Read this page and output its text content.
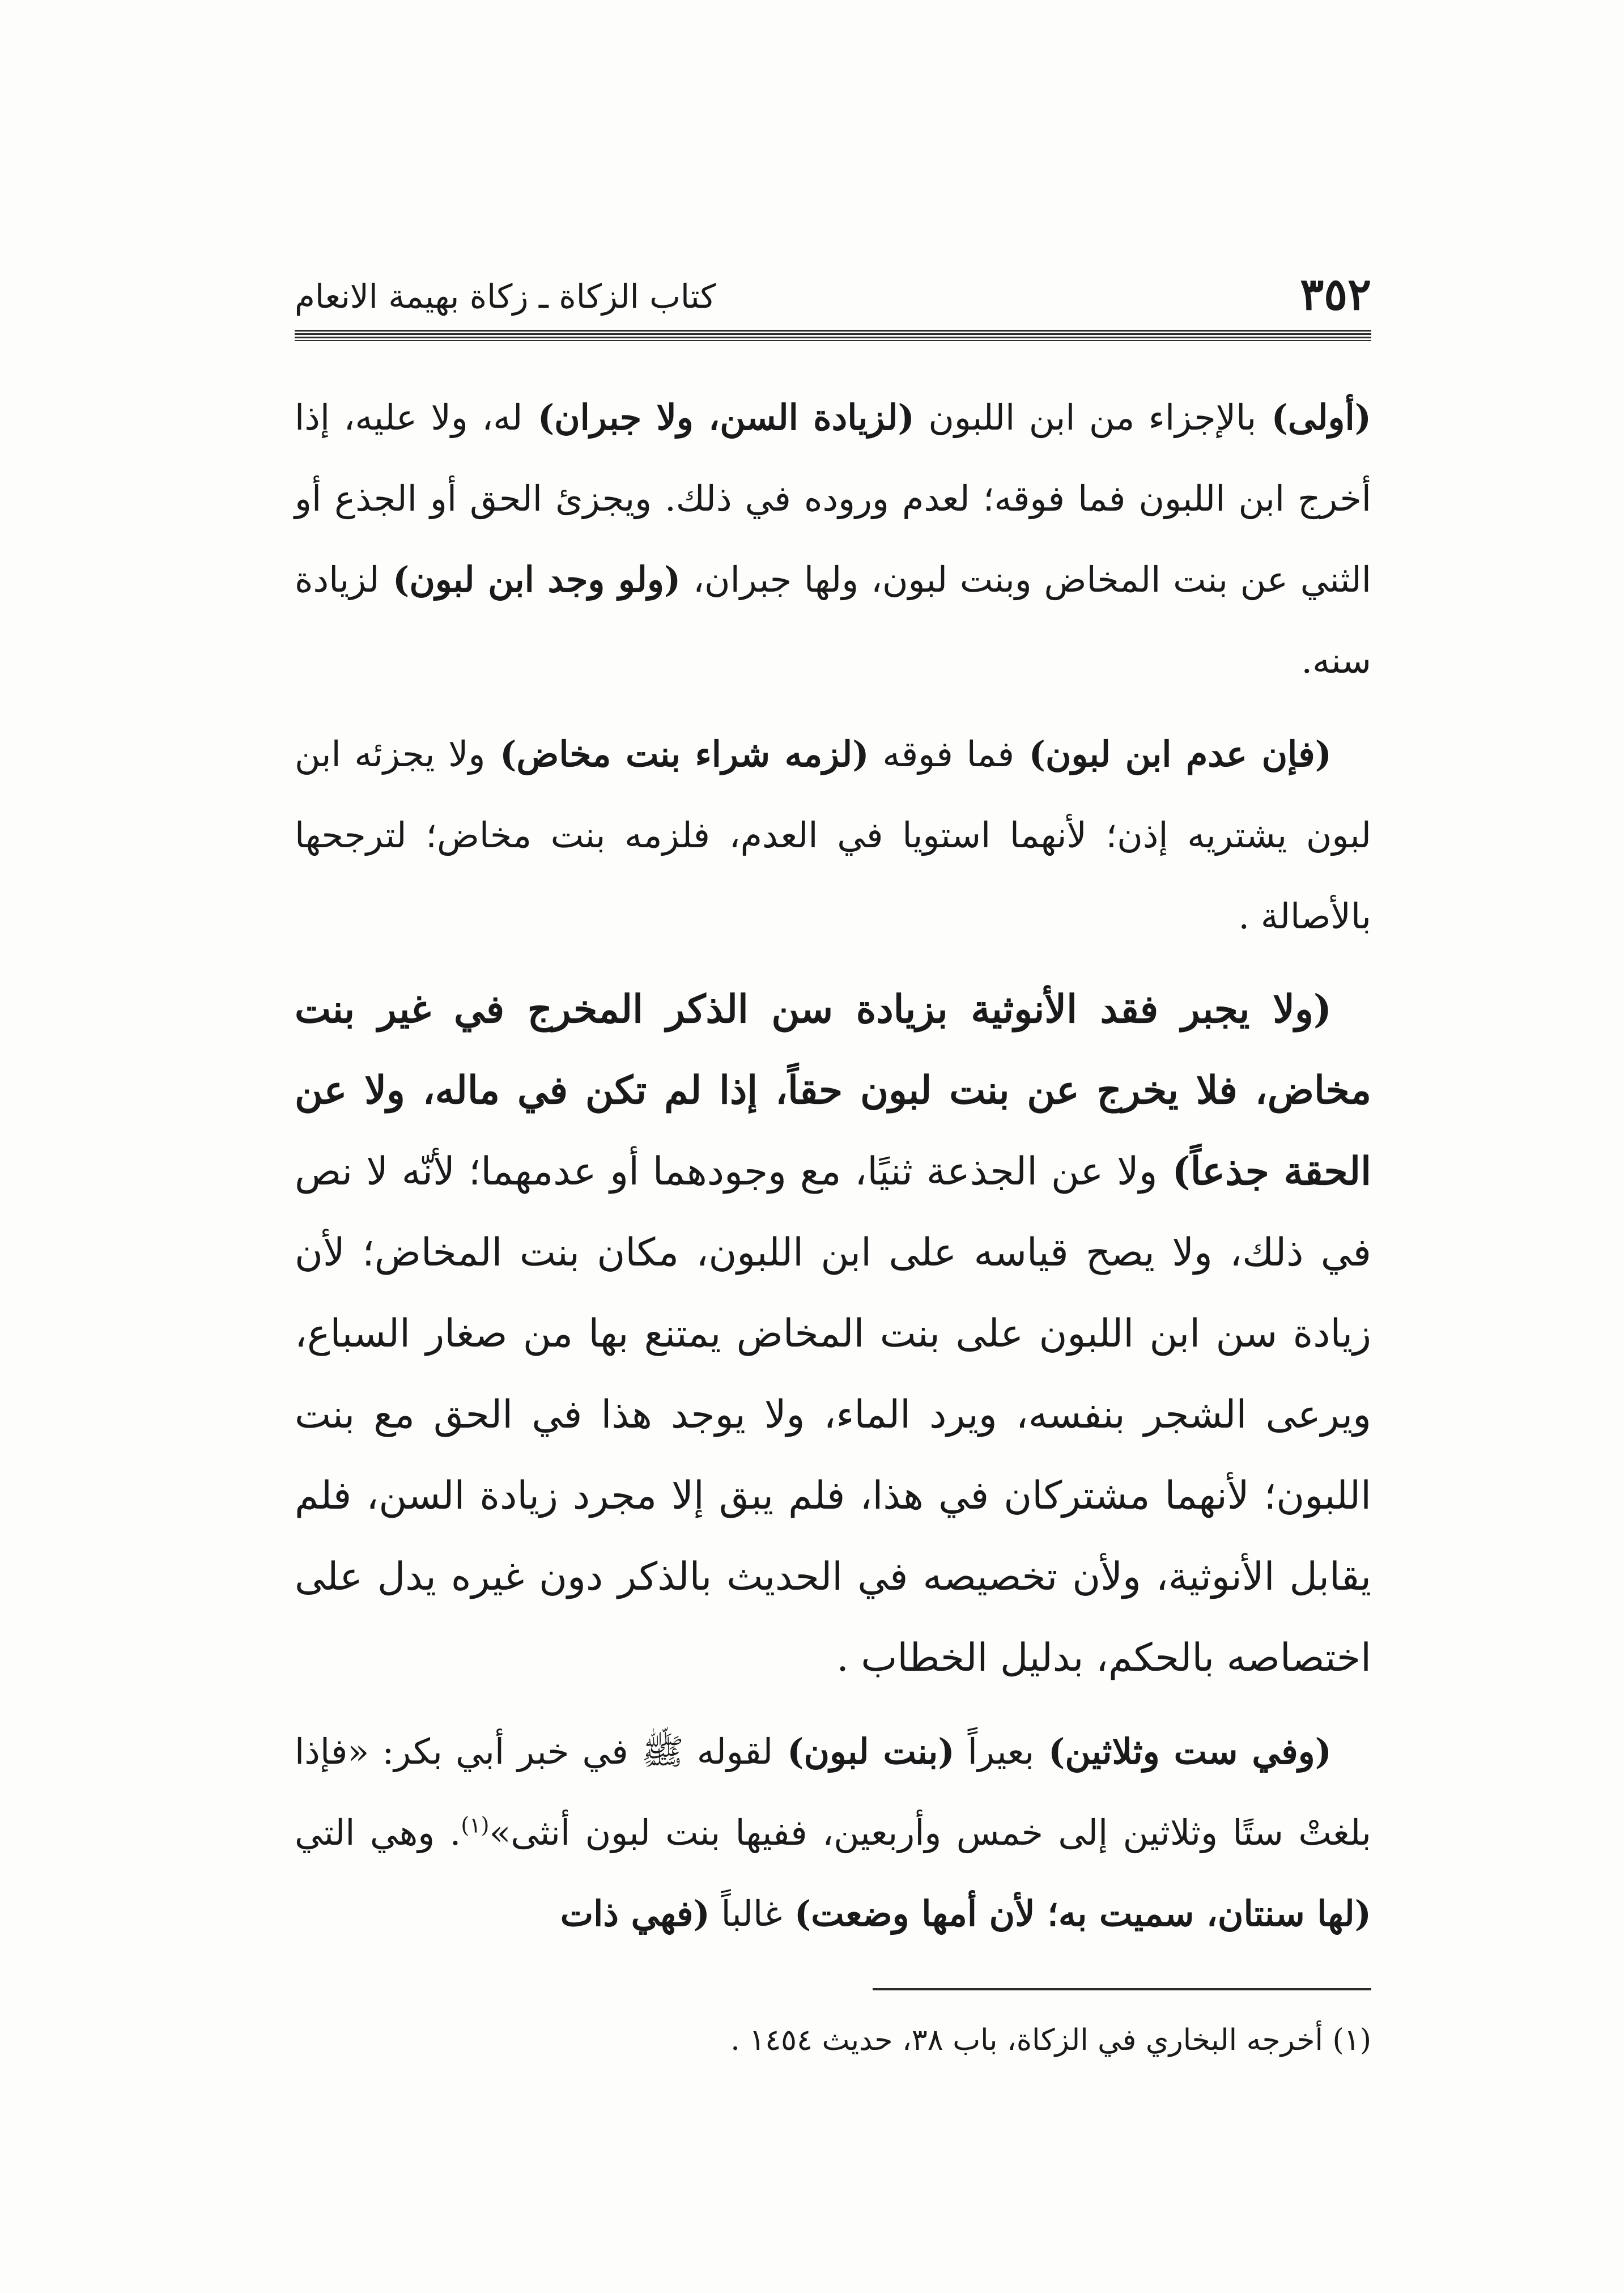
٣٥٢
كتاب الزكاة ـ زكاة بهيمة الانعام

(أولى) بالإجزاء من ابن اللبون (لزيادة السن، ولا جبران) له، ولا عليه، إذا أخرج ابن اللبون فما فوقه؛ لعدم وروده في ذلك. ويجزئ الحق أو الجذع أو الثني عن بنت المخاض وبنت لبون، ولها جبران، (ولو وجد ابن لبون) لزيادة سنه.

(فإن عدم ابن لبون) فما فوقه (لزمه شراء بنت مخاض) ولا يجزئه ابن لبون يشتريه إذن؛ لأنهما استويا في العدم، فلزمه بنت مخاض؛ لترجحها بالأصالة .

(ولا يجبر فقد الأنوثية بزيادة سن الذكر المخرج في غير بنت مخاض، فلا يخرج عن بنت لبون حقاً، إذا لم تكن في ماله، ولا عن الحقة جذعاً) ولا عن الجذعة ثنيًا، مع وجودهما أو عدمهما؛ لأنّه لا نص في ذلك، ولا يصح قياسه على ابن اللبون، مكان بنت المخاض؛ لأن زيادة سن ابن اللبون على بنت المخاض يمتنع بها من صغار السباع، ويرعى الشجر بنفسه، ويرد الماء، ولا يوجد هذا في الحق مع بنت اللبون؛ لأنهما مشتركان في هذا، فلم يبق إلا مجرد زيادة السن، فلم يقابل الأنوثية، ولأن تخصيصه في الحديث بالذكر دون غيره يدل على اختصاصه بالحكم، بدليل الخطاب .

(وفي ست وثلاثين) بعيراً (بنت لبون) لقوله ﷺ في خبر أبي بكر: «فإذا بلغتْ ستًا وثلاثين إلى خمس وأربعين، ففيها بنت لبون أنثى»$^{(١)}$. وهي التي (لها سنتان، سميت به؛ لأن أمها وضعت) غالباً (فهي ذات

(١) أخرجه البخاري في الزكاة، باب ٣٨، حديث ١٤٥٤ .
